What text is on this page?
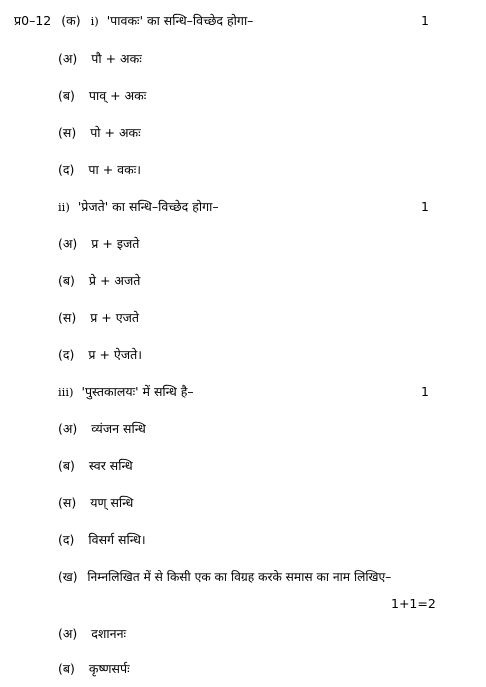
प्र0–12 (क) i) 'पावकः' का सन्धि–विच्छेद होगा–	1
(अ) पौ + अकः
(ब) पाव् + अकः
(स) पो + अकः
(द) पा + वकः।
ii) 'प्रेजते' का सन्धि–विच्छेद होगा–	1
(अ) प्र + इजते
(ब) प्रे + अजते
(स) प्र + एजते
(द) प्र + ऐजते।
iii) 'पुस्तकालयः' में सन्धि है–	1
(अ) व्यंजन सन्धि
(ब) स्वर सन्धि
(स) यण् सन्धि
(द) विसर्ग सन्धि।
(ख) निम्नलिखित में से किसी एक का विग्रह करके समास का नाम लिखिए–
1+1=2
(अ) दशाननः
(ब) कृष्णसर्पः
